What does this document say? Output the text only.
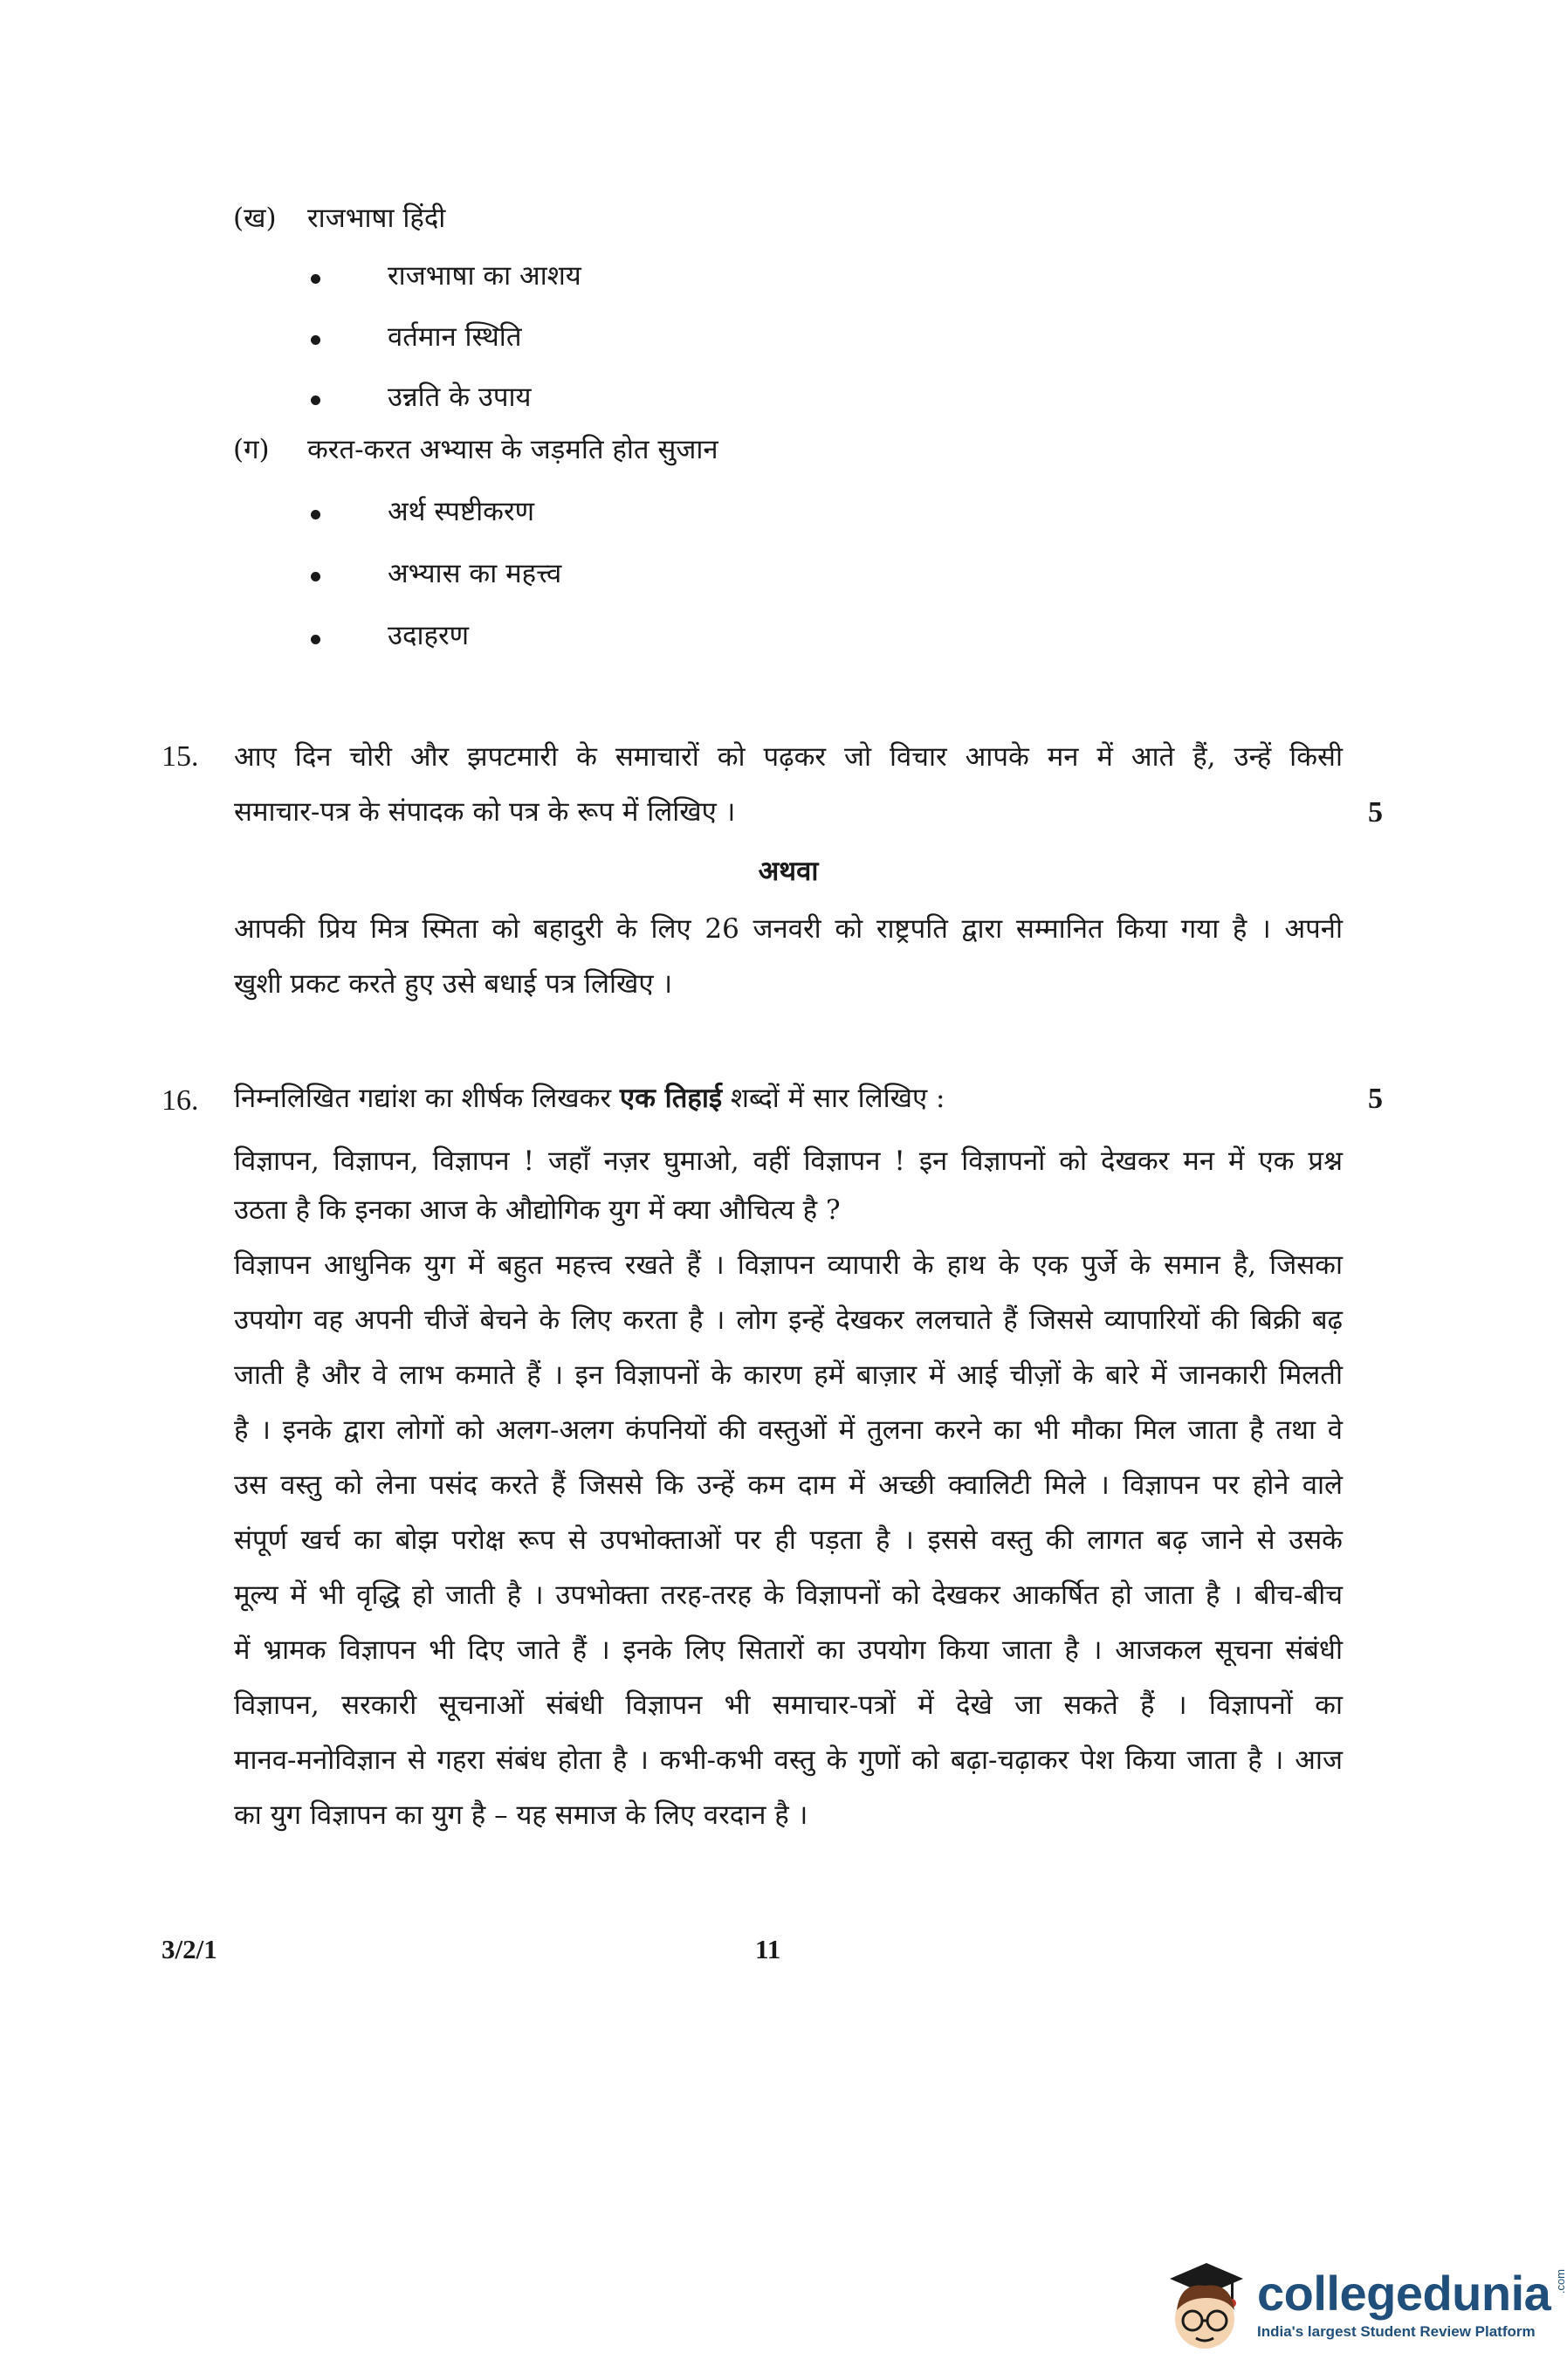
(ख) राजभाषा हिंदी
राजभाषा का आशय
वर्तमान स्थिति
उन्नति के उपाय
(ग) करत-करत अभ्यास के जड़मति होत सुजान
अर्थ स्पष्टीकरण
अभ्यास का महत्त्व
उदाहरण
15. आए दिन चोरी और झपटमारी के समाचारों को पढ़कर जो विचार आपके मन में आते हैं, उन्हें किसी
समाचार-पत्र के संपादक को पत्र के रूप में लिखिए ।	5
अथवा
आपकी प्रिय मित्र स्मिता को बहादुरी के लिए 26 जनवरी को राष्ट्रपति द्वारा सम्मानित किया गया है । अपनी
खुशी प्रकट करते हुए उसे बधाई पत्र लिखिए ।
16. निम्नलिखित गद्यांश का शीर्षक लिखकर एक तिहाई शब्दों में सार लिखिए :	5
विज्ञापन, विज्ञापन, विज्ञापन ! जहाँ नज़र घुमाओ, वहीं विज्ञापन ! इन विज्ञापनों को देखकर मन में एक प्रश्न
उठता है कि इनका आज के औद्योगिक युग में क्या औचित्य है ?
विज्ञापन आधुनिक युग में बहुत महत्त्व रखते हैं । विज्ञापन व्यापारी के हाथ के एक पुर्जे के समान है, जिसका
उपयोग वह अपनी चीजें बेचने के लिए करता है । लोग इन्हें देखकर ललचाते हैं जिससे व्यापारियों की बिक्री बढ़
जाती है और वे लाभ कमाते हैं । इन विज्ञापनों के कारण हमें बाज़ार में आई चीज़ों के बारे में जानकारी मिलती
है । इनके द्वारा लोगों को अलग-अलग कंपनियों की वस्तुओं में तुलना करने का भी मौका मिल जाता है तथा वे
उस वस्तु को लेना पसंद करते हैं जिससे कि उन्हें कम दाम में अच्छी क्वालिटी मिले । विज्ञापन पर होने वाले
संपूर्ण खर्च का बोझ परोक्ष रूप से उपभोक्ताओं पर ही पड़ता है । इससे वस्तु की लागत बढ़ जाने से उसके
मूल्य में भी वृद्धि हो जाती है । उपभोक्ता तरह-तरह के विज्ञापनों को देखकर आकर्षित हो जाता है । बीच-बीच
में भ्रामक विज्ञापन भी दिए जाते हैं । इनके लिए सितारों का उपयोग किया जाता है । आजकल सूचना संबंधी
विज्ञापन, सरकारी सूचनाओं संबंधी विज्ञापन भी समाचार-पत्रों में देखे जा सकते हैं । विज्ञापनों का
मानव-मनोविज्ञान से गहरा संबंध होता है । कभी-कभी वस्तु के गुणों को बढ़ा-चढ़ाकर पेश किया जाता है । आज
का युग विज्ञापन का युग है – यह समाज के लिए वरदान है ।
3/2/1	11
collegedunia .com
India's largest Student Review Platform
